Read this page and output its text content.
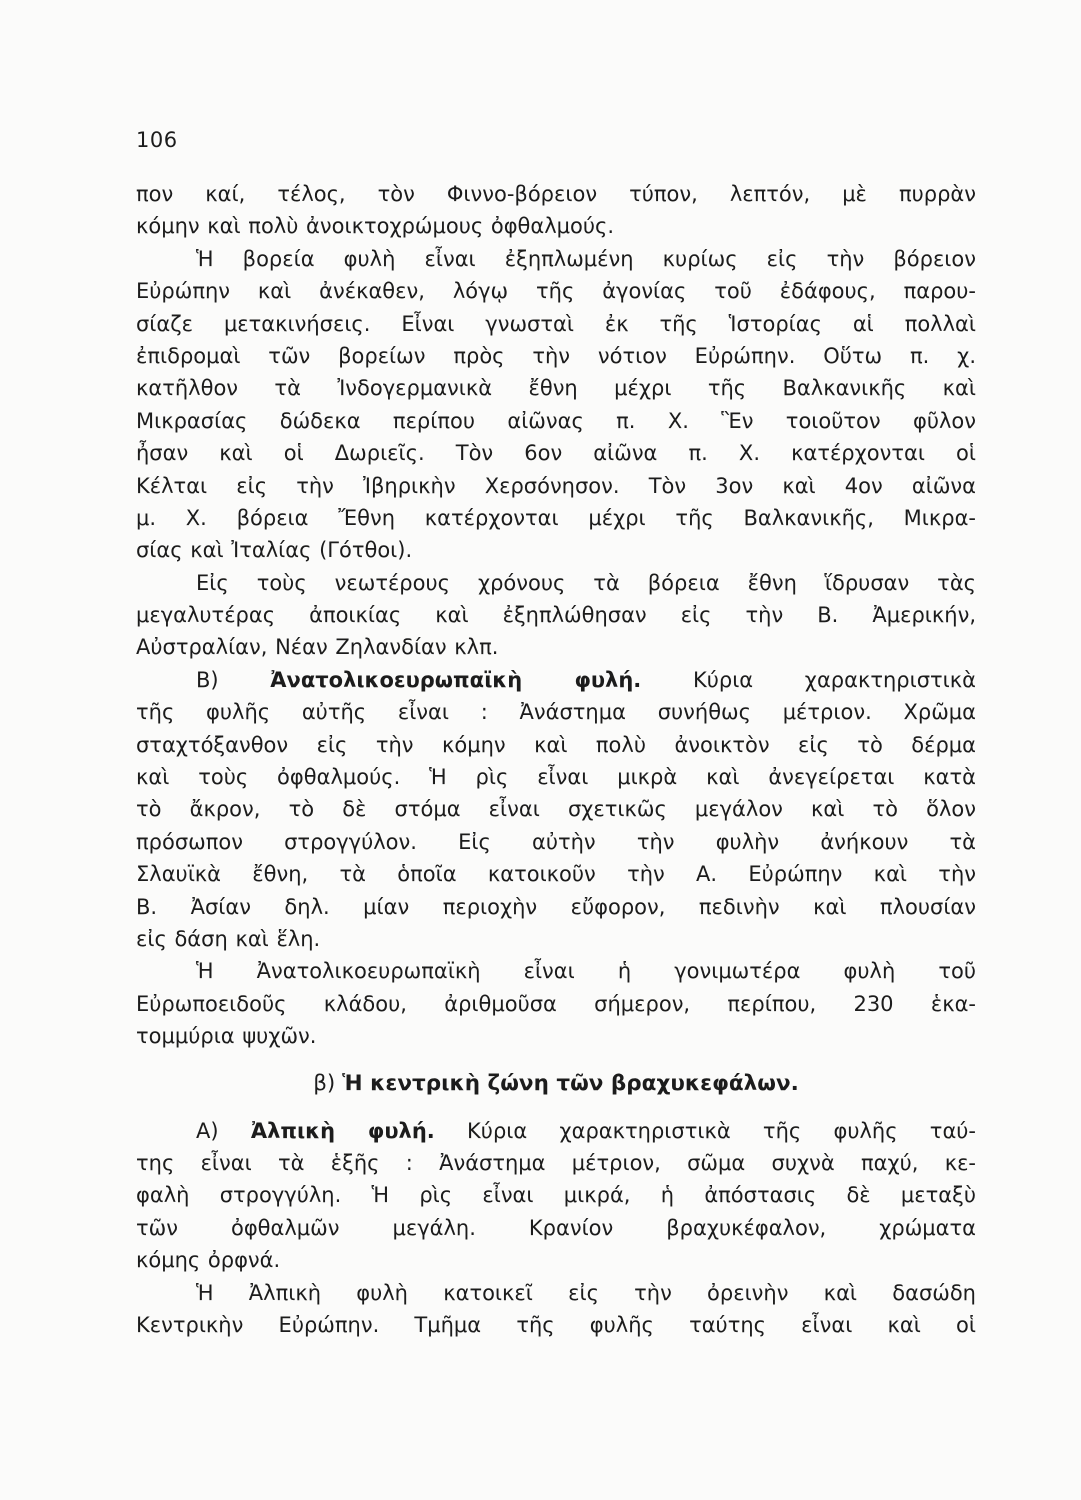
106
πον καί, τέλος, τὸν Φιννο-βόρειον τύπον, λεπτόν, μὲ πυρρὰν
κόμην καὶ πολὺ ἀνοικτοχρώμους ὀφθαλμούς.
Ἡ βορεία φυλὴ εἶναι ἐξηπλωμένη κυρίως εἰς τὴν βόρειον
Εὐρώπην καὶ ἀνέκαθεν, λόγῳ τῆς ἀγονίας τοῦ ἐδάφους, παρου-
σίαζε μετακινήσεις. Εἶναι γνωσταὶ ἐκ τῆς Ἱστορίας αἱ πολλαὶ
ἐπιδρομαὶ τῶν βορείων πρὸς τὴν νότιον Εὐρώπην. Οὕτω π. χ.
κατῆλθον τὰ Ἰνδογερμανικὰ ἔθνη μέχρι τῆς Βαλκανικῆς καὶ
Μικρασίας δώδεκα περίπου αἰῶνας π. Χ. Ἓν τοιοῦτον φῦλον
ἦσαν καὶ οἱ Δωριεῖς. Τὸν 6ον αἰῶνα π. Χ. κατέρχονται οἱ
Κέλται εἰς τὴν Ἰβηρικὴν Χερσόνησον. Τὸν 3ον καὶ 4ον αἰῶνα
μ. Χ. βόρεια Ἔθνη κατέρχονται μέχρι τῆς Βαλκανικῆς, Μικρα-
σίας καὶ Ἰταλίας (Γότθοι).
Εἰς τοὺς νεωτέρους χρόνους τὰ βόρεια ἔθνη ἵδρυσαν τὰς
μεγαλυτέρας ἀποικίας καὶ ἐξηπλώθησαν εἰς τὴν Β. Ἀμερικήν,
Αὐστραλίαν, Νέαν Ζηλανδίαν κλπ.
Β) Ἀνατολικοευρωπαϊκὴ φυλή. Κύρια χαρακτηριστικὰ
τῆς φυλῆς αὐτῆς εἶναι : Ἀνάστημα συνήθως μέτριον. Χρῶμα
σταχτόξανθον εἰς τὴν κόμην καὶ πολὺ ἀνοικτὸν εἰς τὸ δέρμα
καὶ τοὺς ὀφθαλμούς. Ἡ ρὶς εἶναι μικρὰ καὶ ἀνεγείρεται κατὰ
τὸ ἄκρον, τὸ δὲ στόμα εἶναι σχετικῶς μεγάλον καὶ τὸ ὅλον
πρόσωπον στρογγύλον. Εἰς αὐτὴν τὴν φυλὴν ἀνήκουν τὰ
Σλαυϊκὰ ἔθνη, τὰ ὁποῖα κατοικοῦν τὴν Α. Εὐρώπην καὶ τὴν
Β. Ἀσίαν δηλ. μίαν περιοχὴν εὔφορον, πεδινὴν καὶ πλουσίαν
εἰς δάση καὶ ἕλη.
Ἡ Ἀνατολικοευρωπαϊκὴ εἶναι ἡ γονιμωτέρα φυλὴ τοῦ
Εὐρωποειδοῦς κλάδου, ἀριθμοῦσα σήμερον, περίπου, 230 ἑκα-
τομμύρια ψυχῶν.
β) Ἡ κεντρικὴ ζώνη τῶν βραχυκεφάλων.
Α) Ἀλπικὴ φυλή. Κύρια χαρακτηριστικὰ τῆς φυλῆς ταύ-
της εἶναι τὰ ἑξῆς : Ἀνάστημα μέτριον, σῶμα συχνὰ παχύ, κε-
φαλὴ στρογγύλη. Ἡ ρὶς εἶναι μικρά, ἡ ἀπόστασις δὲ μεταξὺ
τῶν ὀφθαλμῶν μεγάλη. Κρανίον βραχυκέφαλον, χρώματα
κόμης ὀρφνά.
Ἡ Ἀλπικὴ φυλὴ κατοικεῖ εἰς τὴν ὀρεινὴν καὶ δασώδη
Κεντρικὴν Εὐρώπην. Τμῆμα τῆς φυλῆς ταύτης εἶναι καὶ οἱ
